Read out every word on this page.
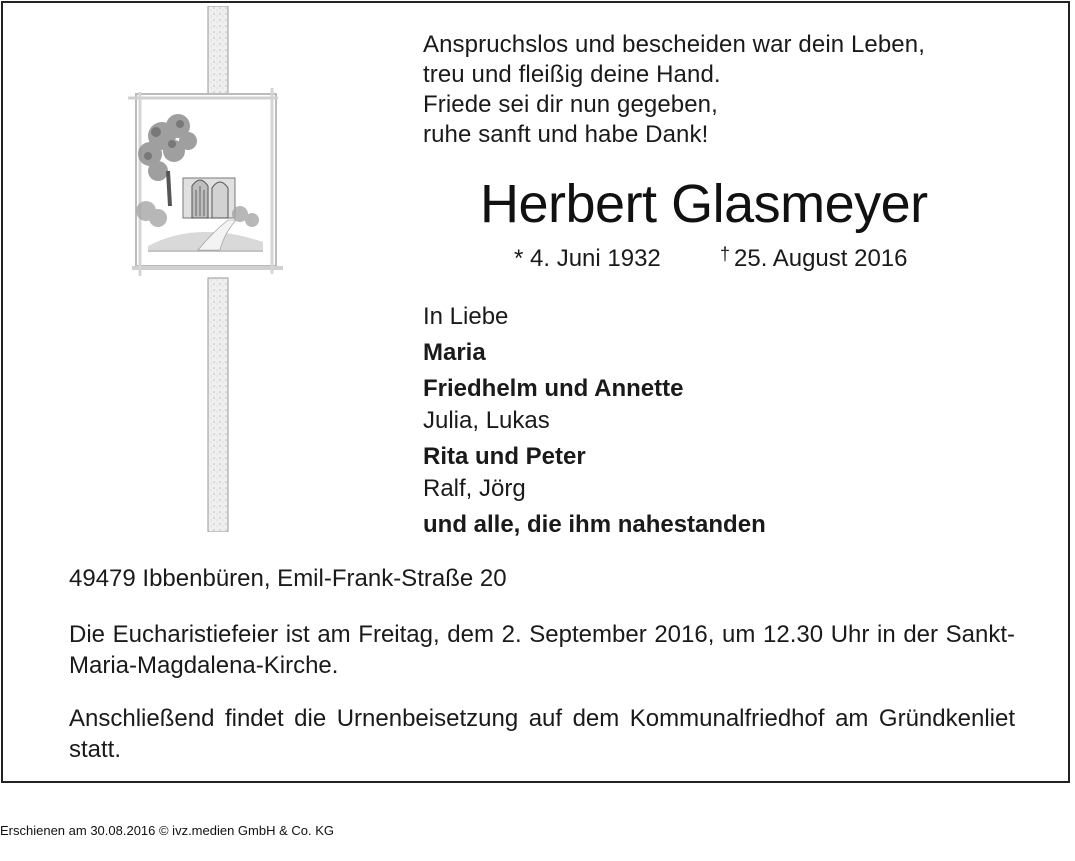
Anspruchslos und bescheiden war dein Leben,
treu und fleißig deine Hand.
Friede sei dir nun gegeben,
ruhe sanft und habe Dank!
Herbert Glasmeyer
* 4. Juni 1932	† 25. August 2016
In Liebe
Maria
Friedhelm und Annette
Julia, Lukas
Rita und Peter
Ralf, Jörg
und alle, die ihm nahestanden
49479 Ibbenbüren, Emil-Frank-Straße 20
Die Eucharistiefeier ist am Freitag, dem 2. September 2016, um 12.30 Uhr in der Sankt-Maria-Magdalena-Kirche.
Anschließend findet die Urnenbeisetzung auf dem Kommunalfriedhof am Gründkenliet statt.
Erschienen am 30.08.2016 © ivz.medien GmbH & Co. KG
